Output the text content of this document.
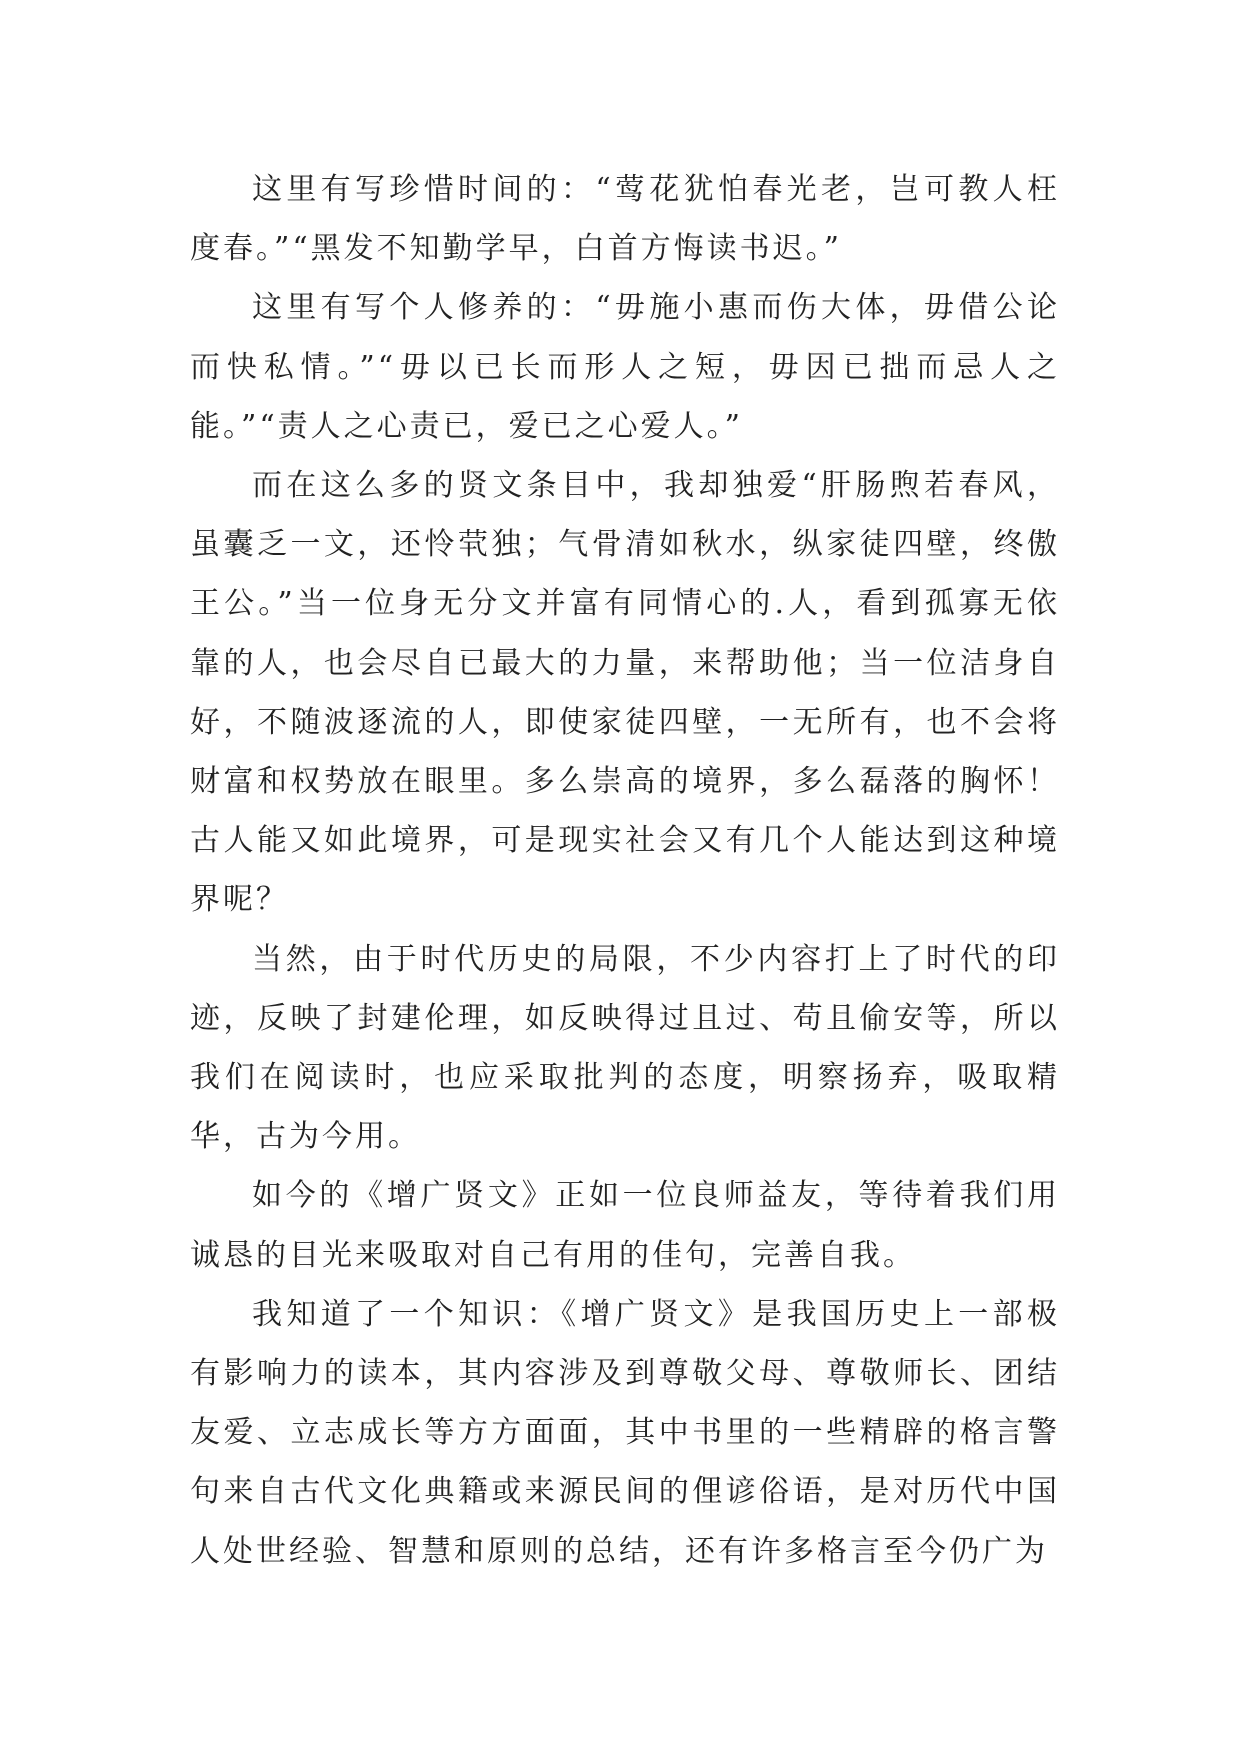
这里有写珍惜时间的：“莺花犹怕春光老，岂可教人枉度春。”“黑发不知勤学早，白首方悔读书迟。”

这里有写个人修养的：“毋施小惠而伤大体，毋借公论而快私情。”“毋以已长而形人之短，毋因已拙而忌人之能。”“责人之心责已，爱已之心爱人。”

而在这么多的贤文条目中，我却独爱“肝肠煦若春风，虽囊乏一文，还怜茕独；气骨清如秋水，纵家徒四壁，终傲王公。”当一位身无分文并富有同情心的.人，看到孤寡无依靠的人，也会尽自已最大的力量，来帮助他；当一位洁身自好，不随波逐流的人，即使家徒四壁，一无所有，也不会将财富和权势放在眼里。多么崇高的境界，多么磊落的胸怀！古人能又如此境界，可是现实社会又有几个人能达到这种境界呢？

当然，由于时代历史的局限，不少内容打上了时代的印迹，反映了封建伦理，如反映得过且过、苟且偷安等，所以我们在阅读时，也应采取批判的态度，明察扬弃，吸取精华，古为今用。

如今的《增广贤文》正如一位良师益友，等待着我们用诚恳的目光来吸取对自己有用的佳句，完善自我。

我知道了一个知识：《增广贤文》是我国历史上一部极有影响力的读本，其内容涉及到尊敬父母、尊敬师长、团结友爱、立志成长等方方面面，其中书里的一些精辟的格言警句来自古代文化典籍或来源民间的俚谚俗语，是对历代中国人处世经验、智慧和原则的总结，还有许多格言至今仍广为
